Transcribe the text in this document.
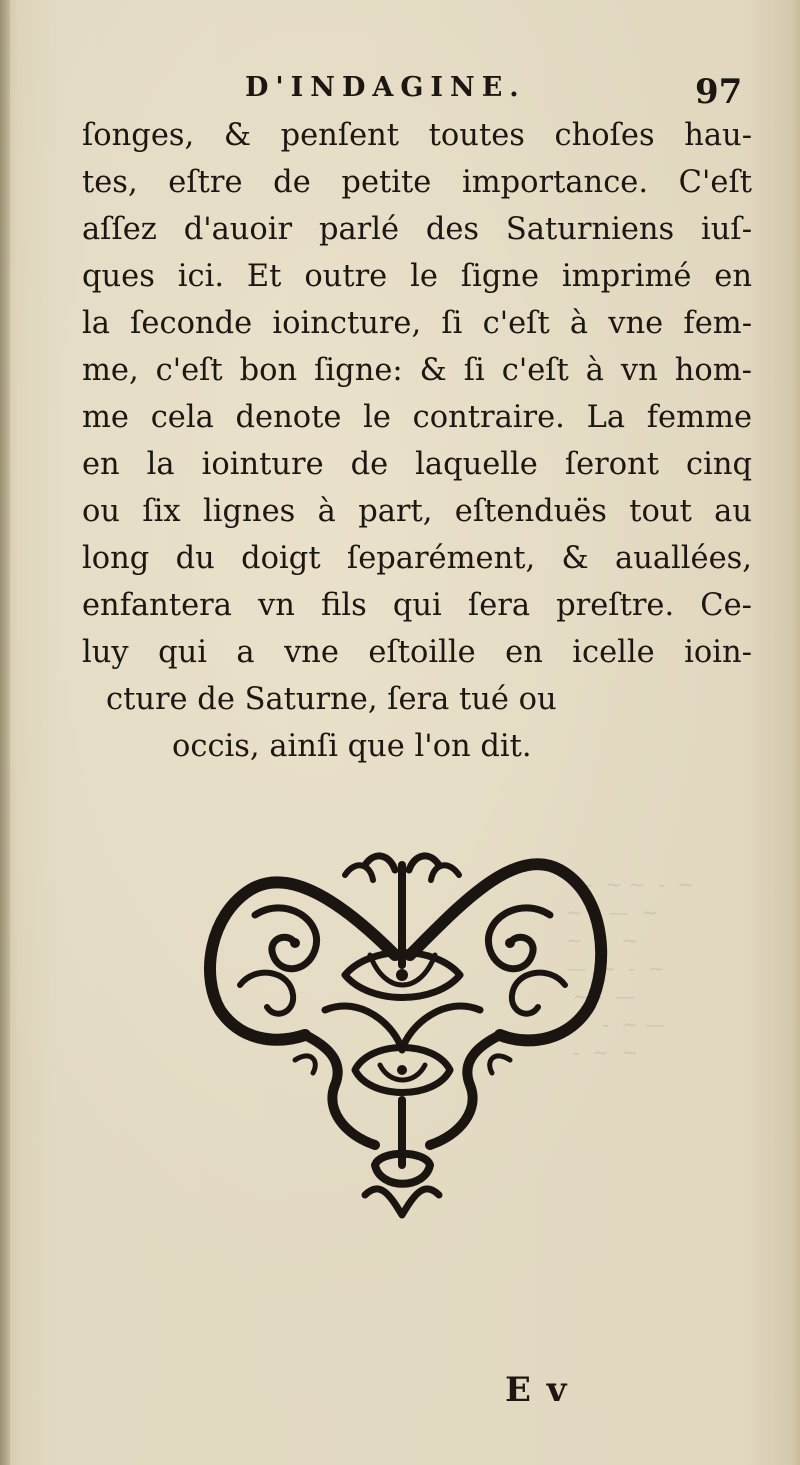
—  ~ ~  -  ~
~ -  —  ~
~  -   ~
—  ~  -  ~
~ -  —
~   -  ~ —
-  ~  ~
D'INDAGINE.	97
ſonges, & penſent toutes choſes hau-
tes, eſtre de petite importance. C'eſt
aſſez d'auoir parlé des Saturniens iuſ-
ques ici. Et outre le ſigne imprimé en
la ſeconde ioincture, ſi c'eſt à vne fem-
me, c'eſt bon ſigne: & ſi c'eſt à vn hom-
me cela denote le contraire. La femme
en la iointure de laquelle ſeront cinq
ou ſix lignes à part, eſtenduës tout au
long du doigt ſeparément, & auallées,
enfantera vn fils qui ſera preſtre. Ce-
luy qui a vne eſtoille en icelle ioin-
cture de Saturne, ſera tué ou
occis, ainſi que l'on dit.
E v
